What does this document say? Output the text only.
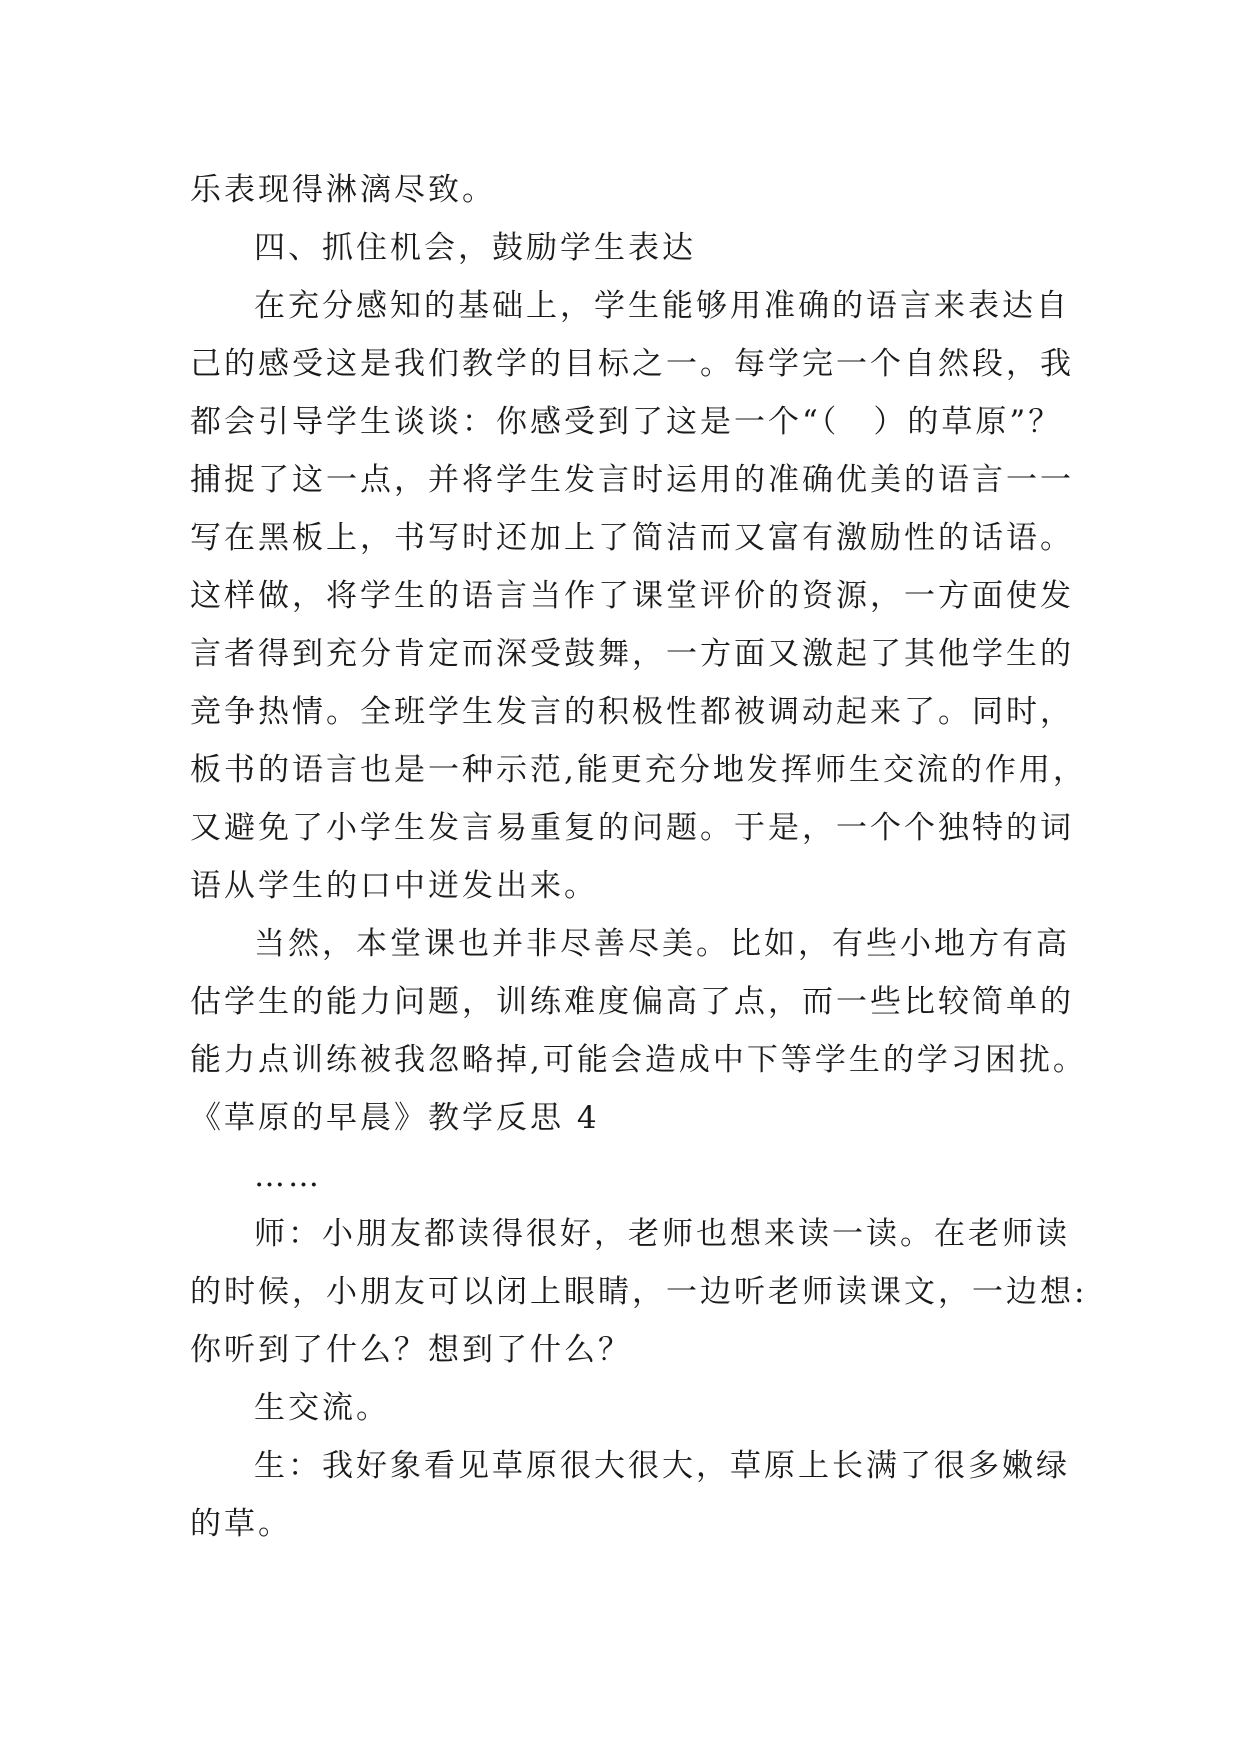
乐表现得淋漓尽致。
四、抓住机会，鼓励学生表达
在充分感知的基础上，学生能够用准确的语言来表达自
己的感受这是我们教学的目标之一。每学完一个自然段，我
都会引导学生谈谈：你感受到了这是一个“（　）的草原”？
捕捉了这一点，并将学生发言时运用的准确优美的语言一一
写在黑板上，书写时还加上了简洁而又富有激励性的话语。
这样做，将学生的语言当作了课堂评价的资源，一方面使发
言者得到充分肯定而深受鼓舞，一方面又激起了其他学生的
竞争热情。全班学生发言的积极性都被调动起来了。同时，
板书的语言也是一种示范,能更充分地发挥师生交流的作用，
又避免了小学生发言易重复的问题。于是，一个个独特的词
语从学生的口中迸发出来。
当然，本堂课也并非尽善尽美。比如，有些小地方有高
估学生的能力问题，训练难度偏高了点，而一些比较简单的
能力点训练被我忽略掉,可能会造成中下等学生的学习困扰。
《草原的早晨》教学反思 4
……
师：小朋友都读得很好，老师也想来读一读。在老师读
的时候，小朋友可以闭上眼睛，一边听老师读课文，一边想:
你听到了什么？想到了什么？
生交流。
生：我好象看见草原很大很大，草原上长满了很多嫩绿
的草。
